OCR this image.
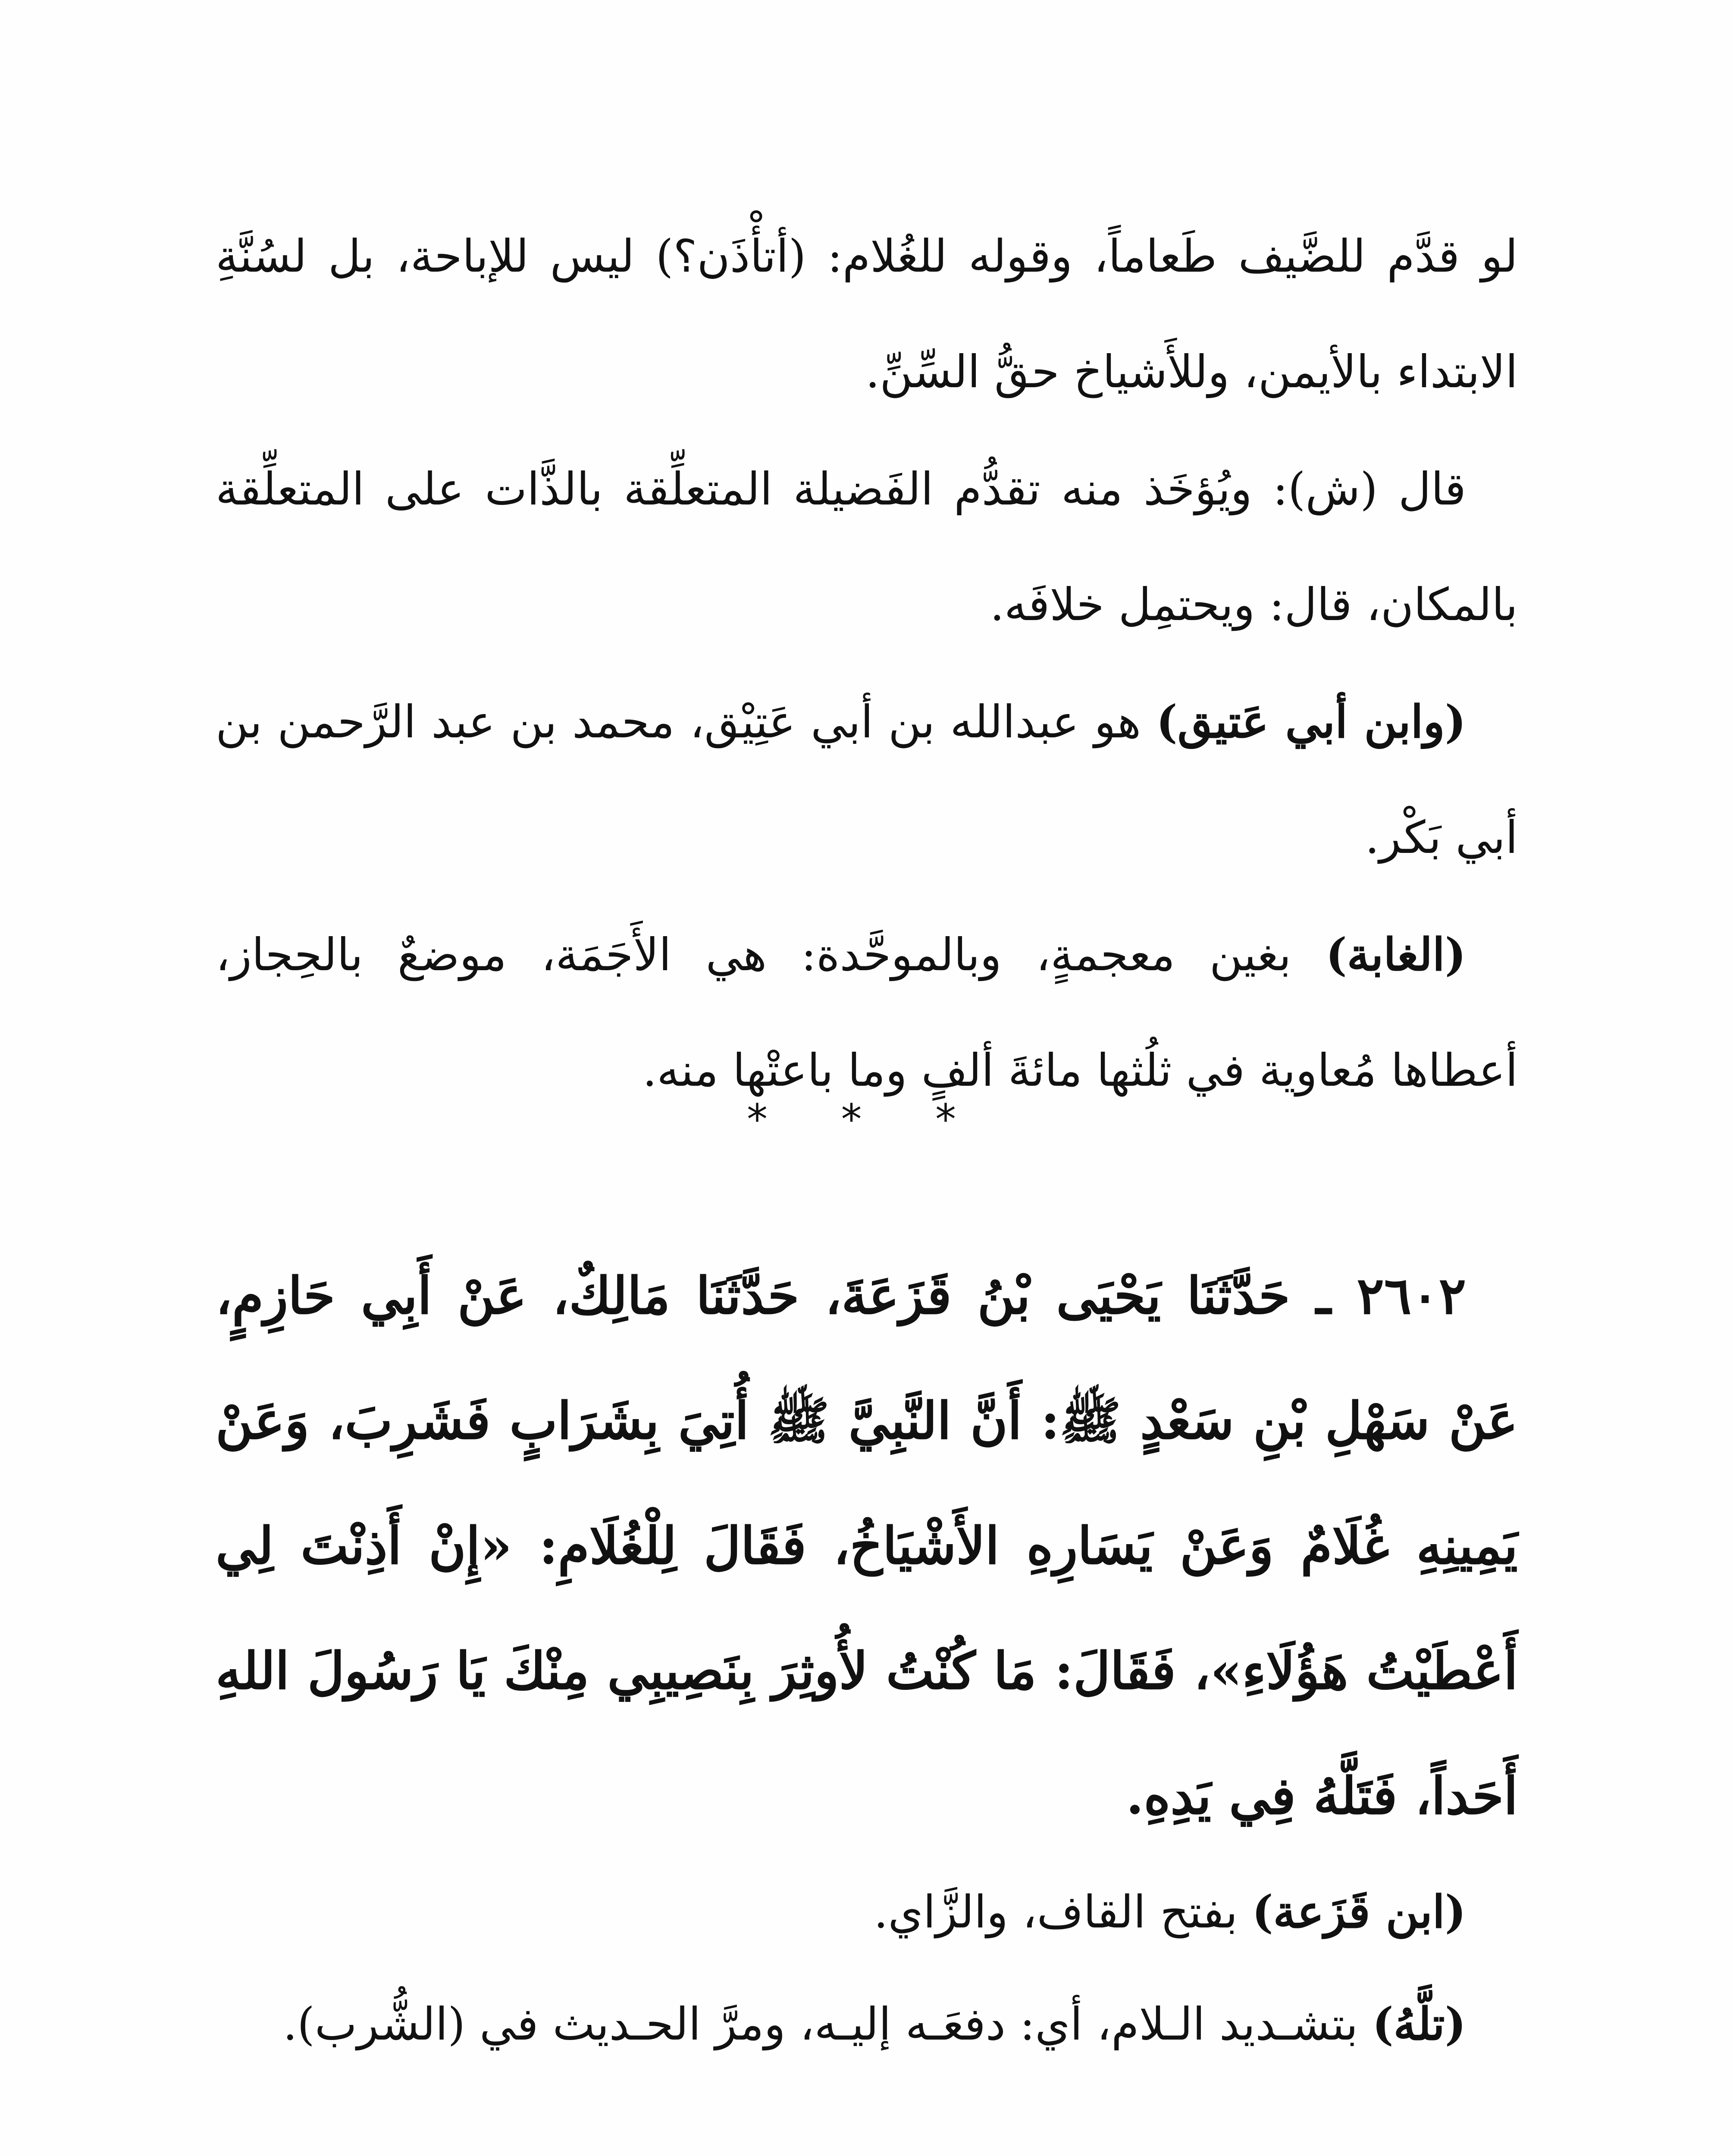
لو قدَّم للضَّيف طَعاماً، وقوله للغُلام: (أتأْذَن؟) ليس للإباحة، بل لسُنَّةِ الابتداء بالأيمن، وللأَشياخ حقُّ السِّنِّ.

قال (ش): ويُؤخَذ منه تقدُّم الفَضيلة المتعلِّقة بالذَّات على المتعلِّقة بالمكان، قال: ويحتمِل خلافَه.

(وابن أبي عَتيق) هو عبدالله بن أبي عَتِيْق، محمد بن عبد الرَّحمن بن أبي بَكْر.

(الغابة) بغين معجمةٍ، وبالموحَّدة: هي الأَجَمَة، موضعٌ بالحِجاز، أعطاها مُعاوية في ثلُثها مائةَ ألفٍ وما باعتْها منه.

* * *

٢٦٠٢ ـ حَدَّثَنَا يَحْيَى بْنُ قَزَعَةَ، حَدَّثَنَا مَالِكٌ، عَنْ أَبِي حَازِمٍ، عَنْ سَهْلِ بْنِ سَعْدٍ ﷺ: أَنَّ النَّبِيَّ ﷺ أُتِيَ بِشَرَابٍ فَشَرِبَ، وَعَنْ يَمِينِهِ غُلَامٌ وَعَنْ يَسَارِهِ الأَشْيَاخُ، فَقَالَ لِلْغُلَامِ: «إِنْ أَذِنْتَ لِي أَعْطَيْتُ هَؤُلَاءِ»، فَقَالَ: مَا كُنْتُ لأُوثِرَ بِنَصِيبِي مِنْكَ يَا رَسُولَ اللهِ أَحَداً، فَتَلَّهُ فِي يَدِهِ.

(ابن قَزَعة) بفتح القاف، والزَّاي.

(تلَّهُ) بتشـديد الـلام، أي: دفعَـه إليـه، ومرَّ الحـديث في (الشُّرب).
